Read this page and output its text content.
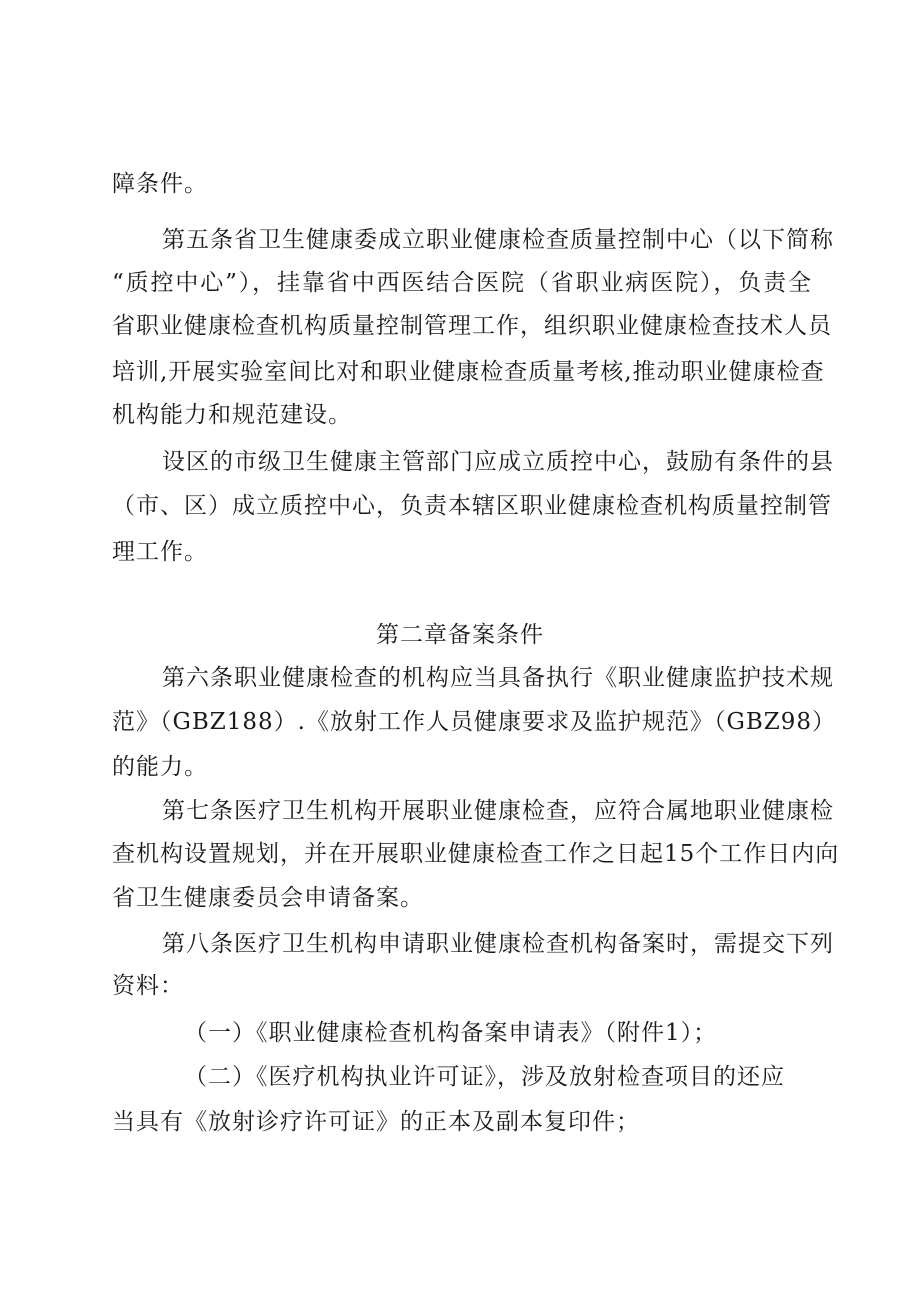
障条件。
第五条省卫生健康委成立职业健康检查质量控制中心（以下简称
“质控中心”），挂靠省中西医结合医院（省职业病医院），负责全
省职业健康检查机构质量控制管理工作，组织职业健康检查技术人员
培训,开展实验室间比对和职业健康检查质量考核,推动职业健康检查
机构能力和规范建设。
设区的市级卫生健康主管部门应成立质控中心，鼓励有条件的县
（市、区）成立质控中心，负责本辖区职业健康检查机构质量控制管
理工作。
第二章备案条件
第六条职业健康检查的机构应当具备执行《职业健康监护技术规
范》（GBZ188）.《放射工作人员健康要求及监护规范》（GBZ98）
的能力。
第七条医疗卫生机构开展职业健康检查，应符合属地职业健康检
查机构设置规划，并在开展职业健康检查工作之日起15个工作日内向
省卫生健康委员会申请备案。
第八条医疗卫生机构申请职业健康检查机构备案时，需提交下列
资料：
（一）《职业健康检查机构备案申请表》（附件1）；
（二）《医疗机构执业许可证》，涉及放射检查项目的还应
当具有《放射诊疗许可证》的正本及副本复印件；
